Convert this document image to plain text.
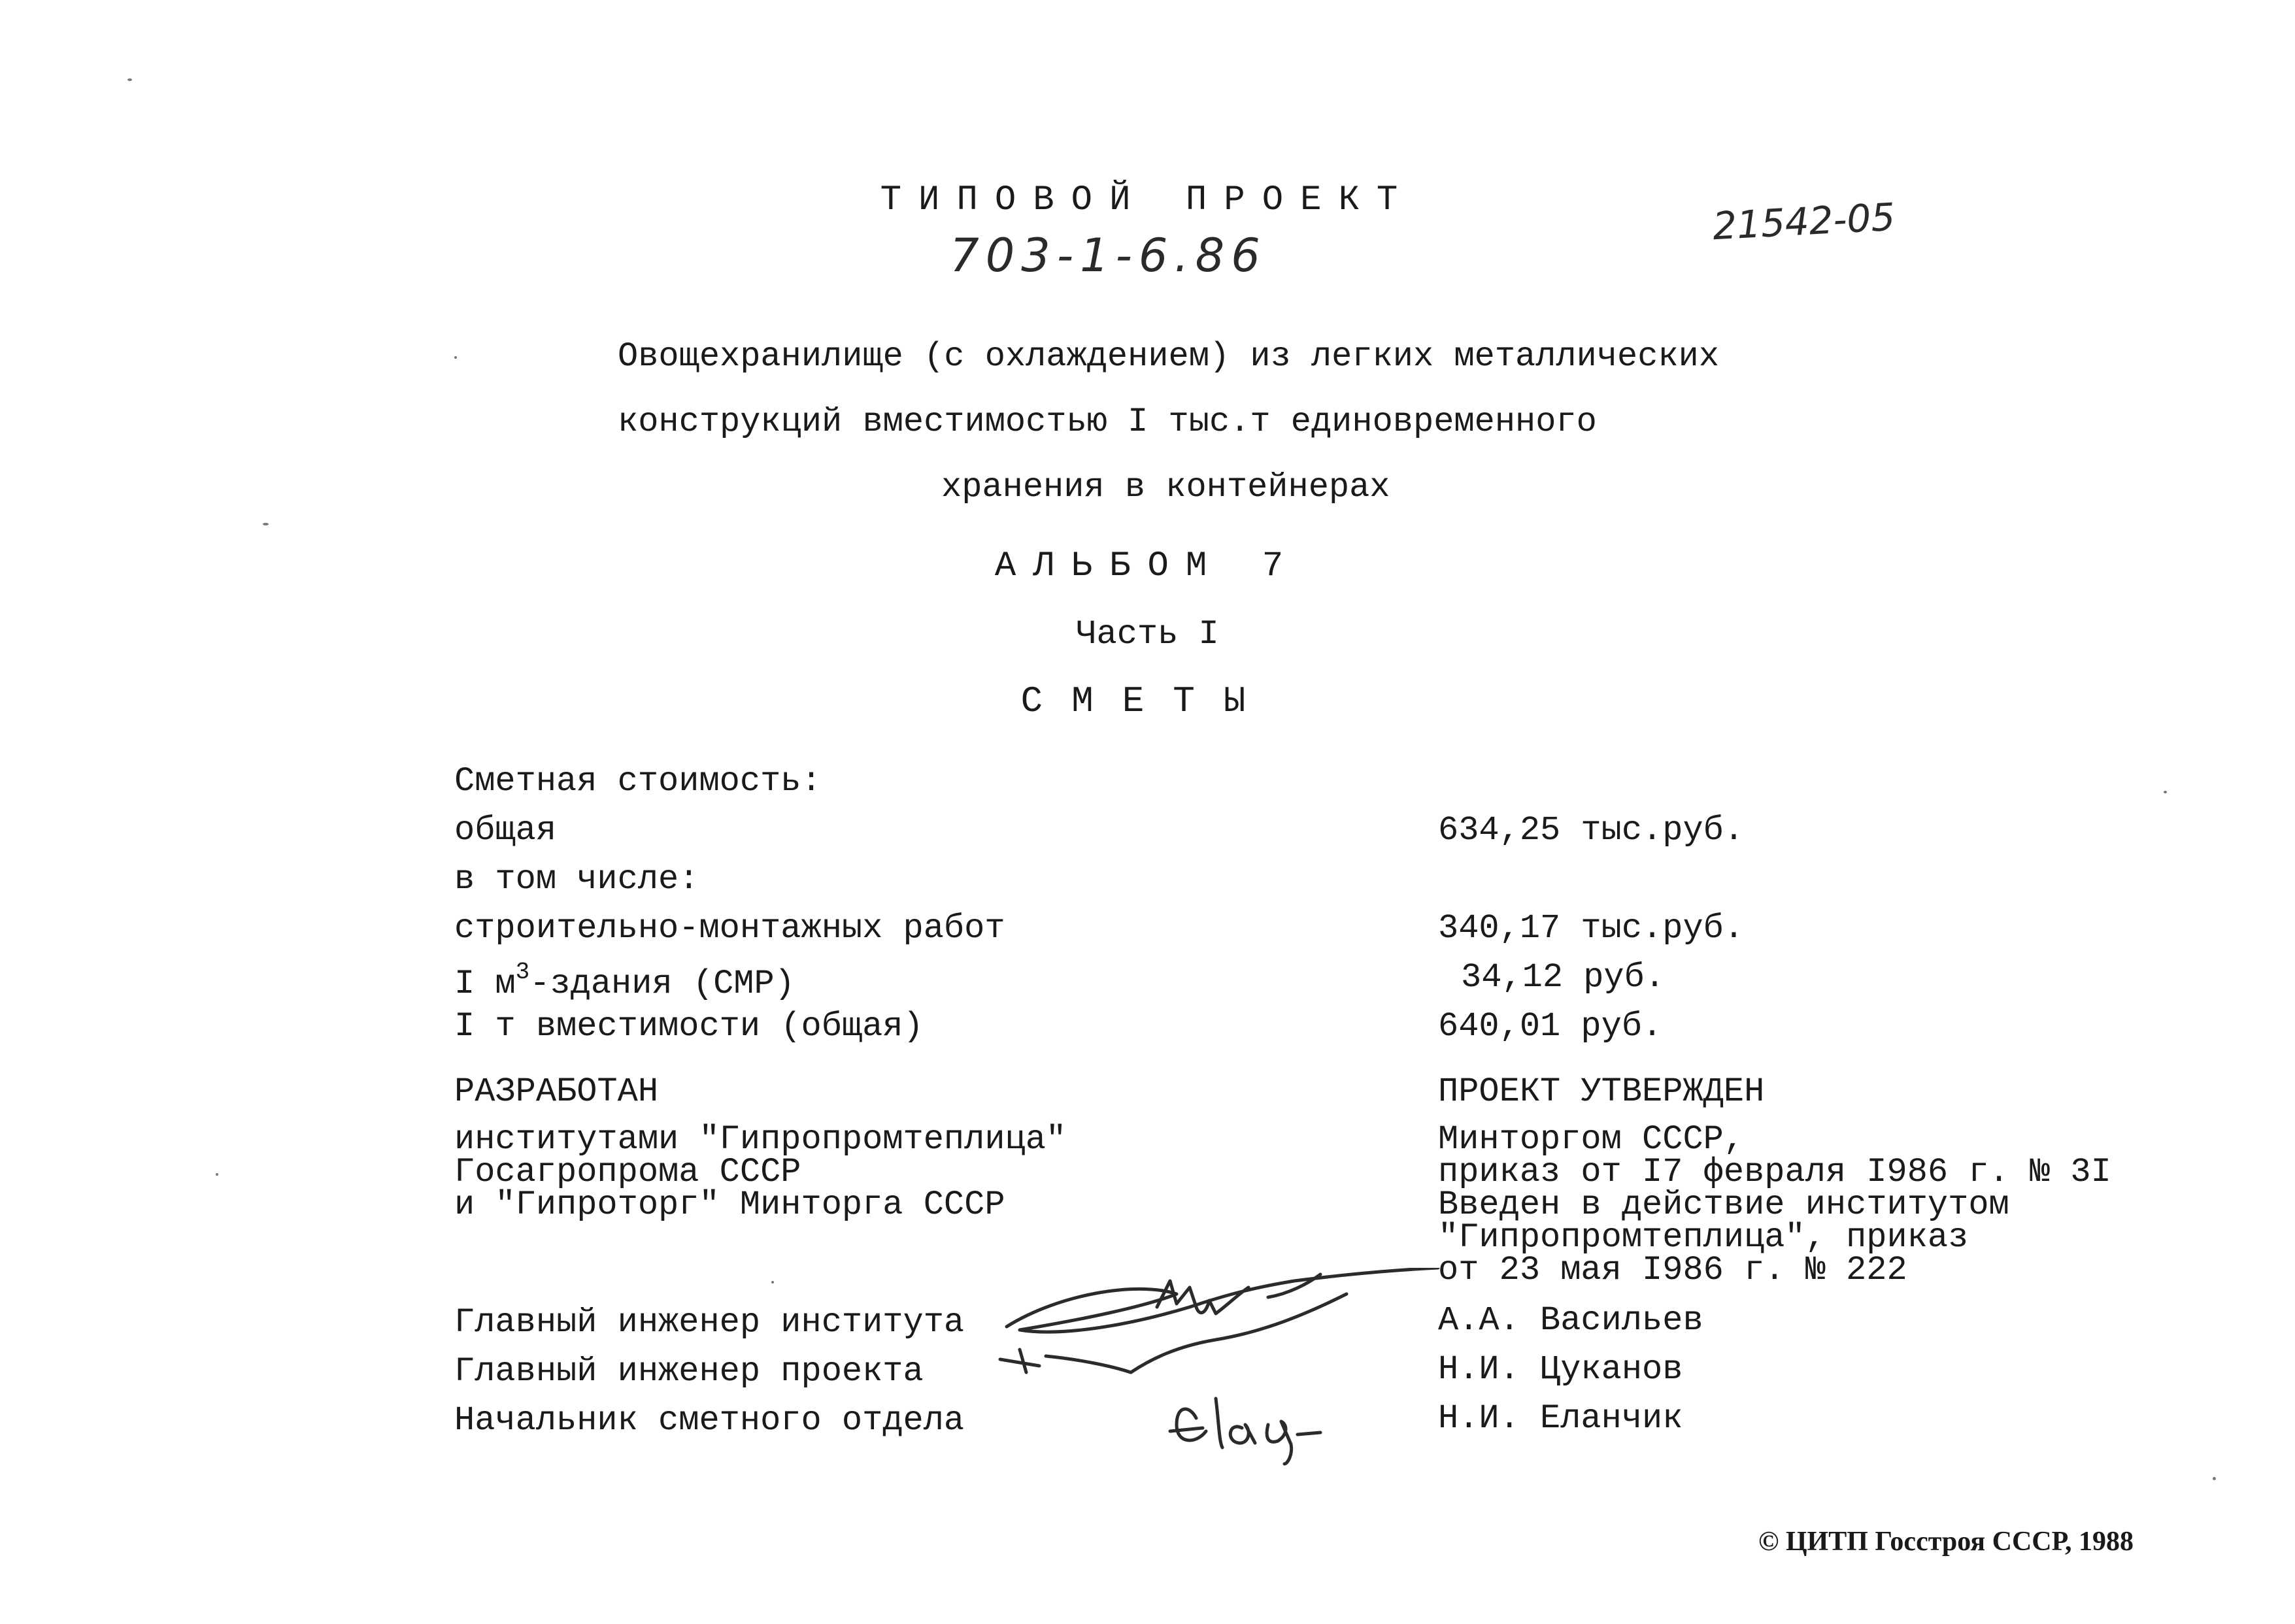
ТИПОВОЙ ПРОЕКТ
703-1-6.86
21542-05
Овощехранилище (с охлаждением) из легких металлических
конструкций вместимостью I тыс.т единовременного
хранения в контейнерах
АЛЬБОМ 7
Часть I
СМЕТЫ
Сметная стоимость:
общая	634,25 тыс.руб.
в том числе:
строительно-монтажных работ	340,17 тыс.руб.
I $м^3$-здания (СМР)	34,12 руб.
I т вместимости (общая)	640,01 руб.
РАЗРАБОТАН
институтами "Гипропромтеплица"
Госагропрома СССР
и "Гипроторг" Минторга СССР
ПРОЕКТ УТВЕРЖДЕН
Минторгом СССР,
приказ от I7 февраля I986 г. № 3I
Введен в действие институтом
"Гипропромтеплица", приказ
от 23 мая I986 г. № 222
Главный инженер института	А.А. Васильев
Главный инженер проекта	Н.И. Цуканов
Начальник сметного отдела	Н.И. Еланчик
© ЦИТП Госстроя СССР, 1988
